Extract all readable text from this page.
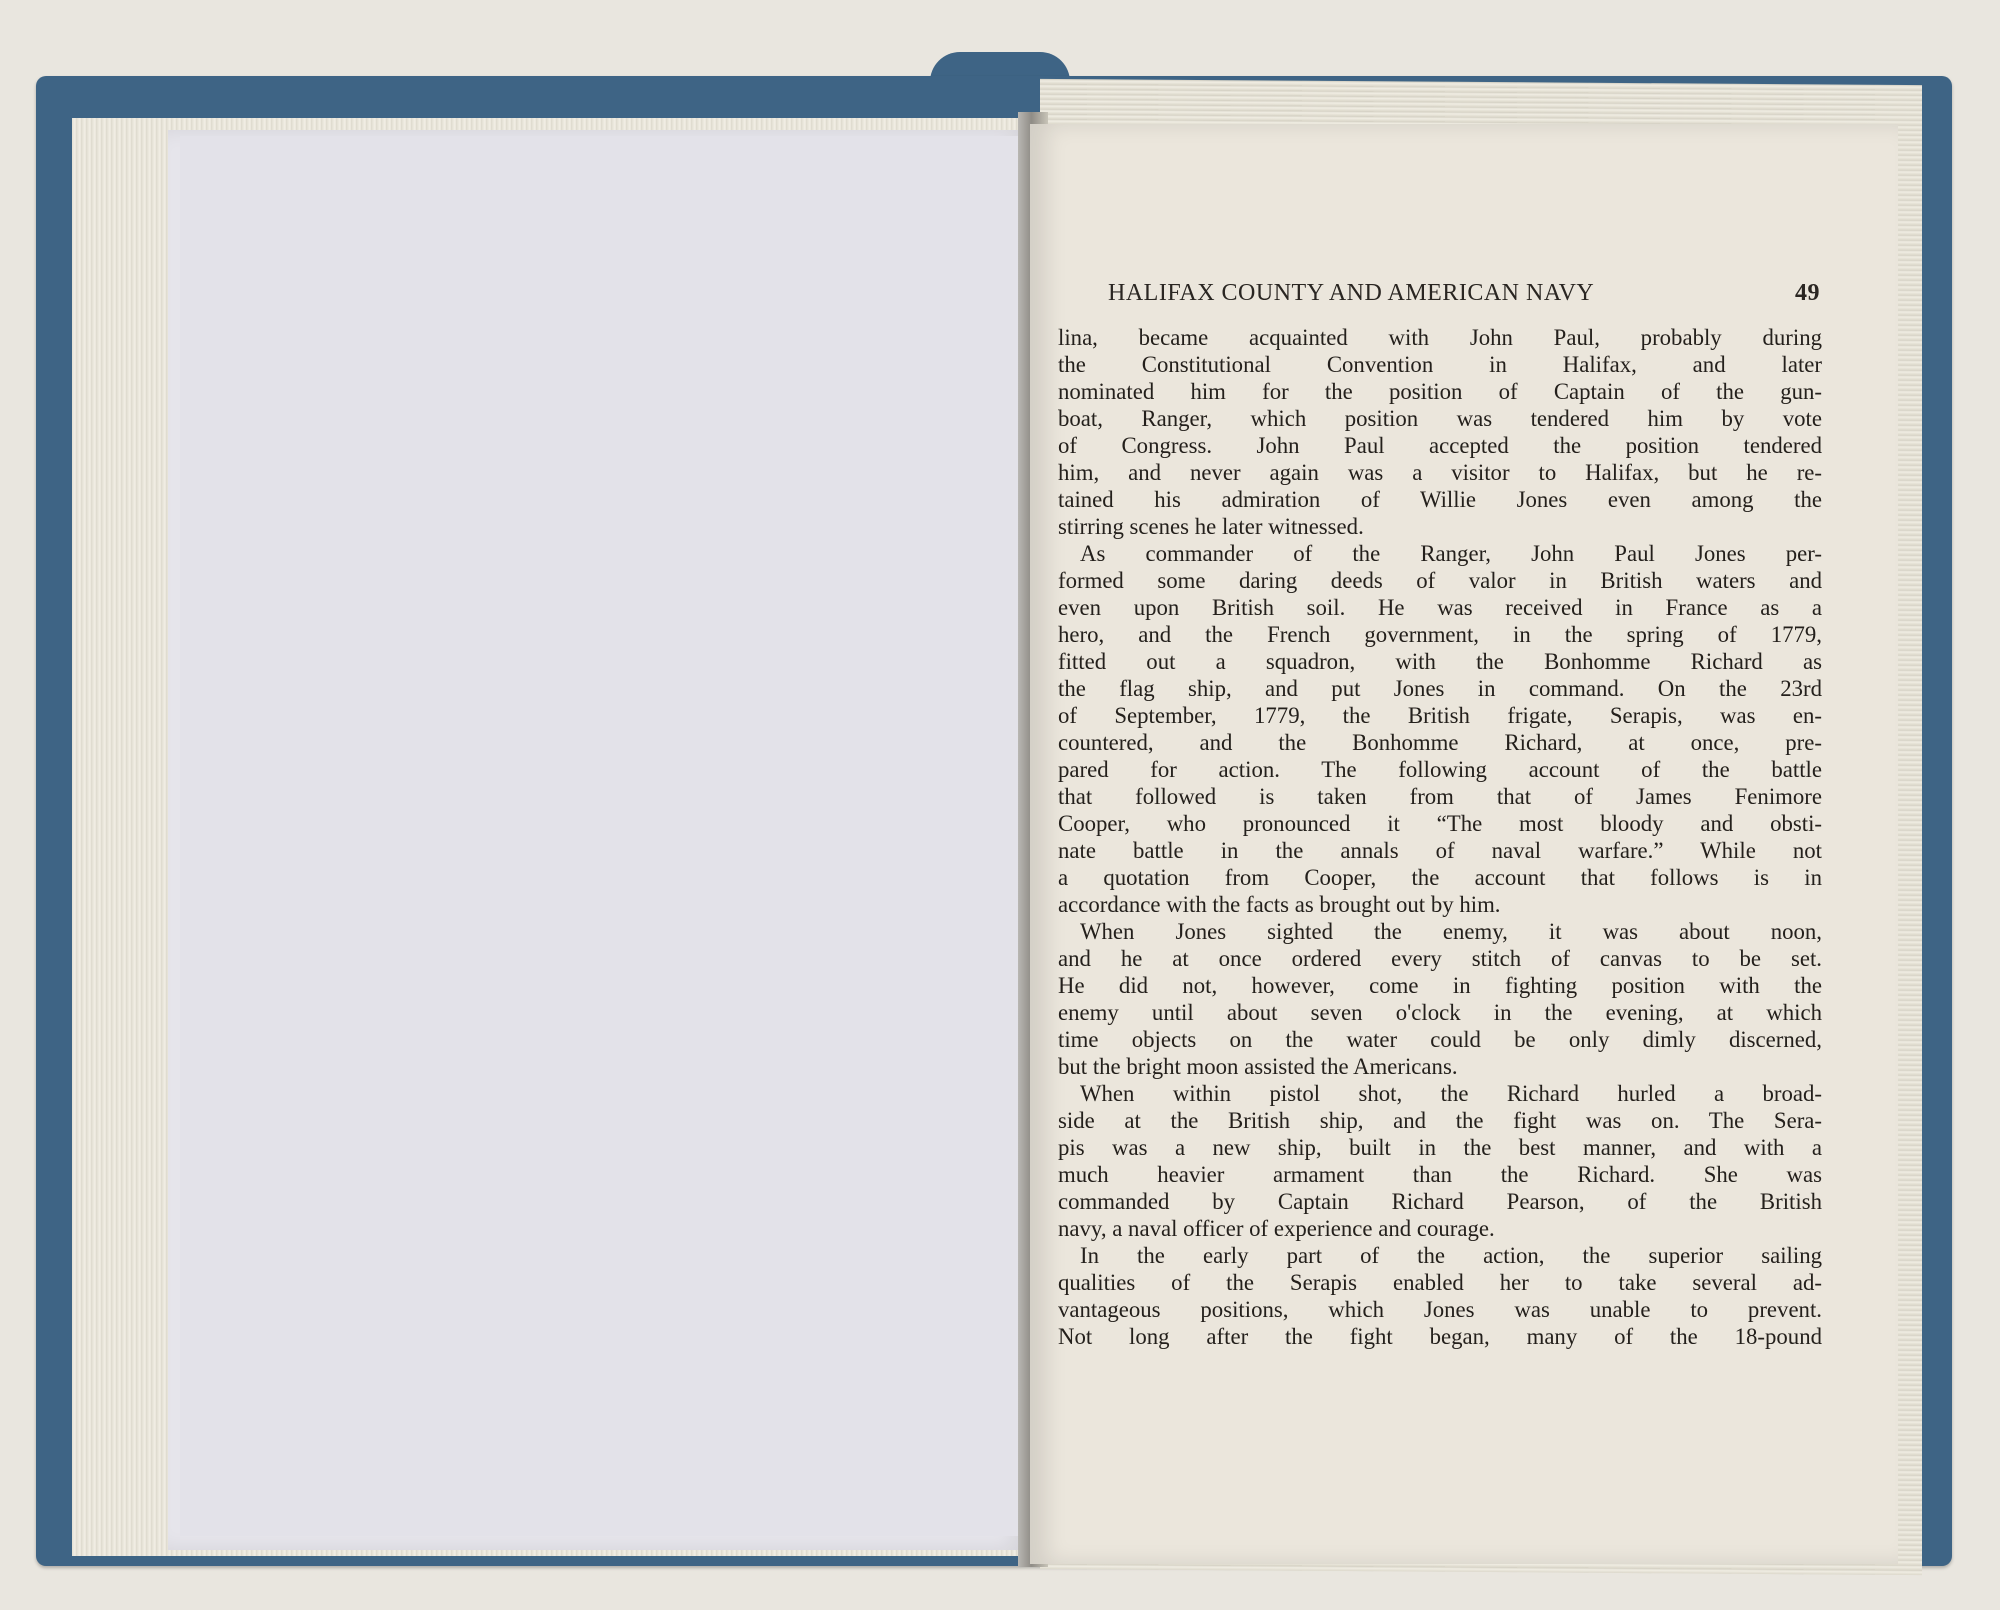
HALIFAX COUNTY AND AMERICAN NAVY	49
lina, became acquainted with John Paul, probably during
the Constitutional Convention in Halifax, and later
nominated him for the position of Captain of the gun-
boat, Ranger, which position was tendered him by vote
of Congress. John Paul accepted the position tendered
him, and never again was a visitor to Halifax, but he re-
tained his admiration of Willie Jones even among the
stirring scenes he later witnessed.
As commander of the Ranger, John Paul Jones per-
formed some daring deeds of valor in British waters and
even upon British soil. He was received in France as a
hero, and the French government, in the spring of 1779,
fitted out a squadron, with the Bonhomme Richard as
the flag ship, and put Jones in command. On the 23rd
of September, 1779, the British frigate, Serapis, was en-
countered, and the Bonhomme Richard, at once, pre-
pared for action. The following account of the battle
that followed is taken from that of James Fenimore
Cooper, who pronounced it “The most bloody and obsti-
nate battle in the annals of naval warfare.” While not
a quotation from Cooper, the account that follows is in
accordance with the facts as brought out by him.
When Jones sighted the enemy, it was about noon,
and he at once ordered every stitch of canvas to be set.
He did not, however, come in fighting position with the
enemy until about seven o'clock in the evening, at which
time objects on the water could be only dimly discerned,
but the bright moon assisted the Americans.
When within pistol shot, the Richard hurled a broad-
side at the British ship, and the fight was on. The Sera-
pis was a new ship, built in the best manner, and with a
much heavier armament than the Richard. She was
commanded by Captain Richard Pearson, of the British
navy, a naval officer of experience and courage.
In the early part of the action, the superior sailing
qualities of the Serapis enabled her to take several ad-
vantageous positions, which Jones was unable to prevent.
Not long after the fight began, many of the 18-pound
